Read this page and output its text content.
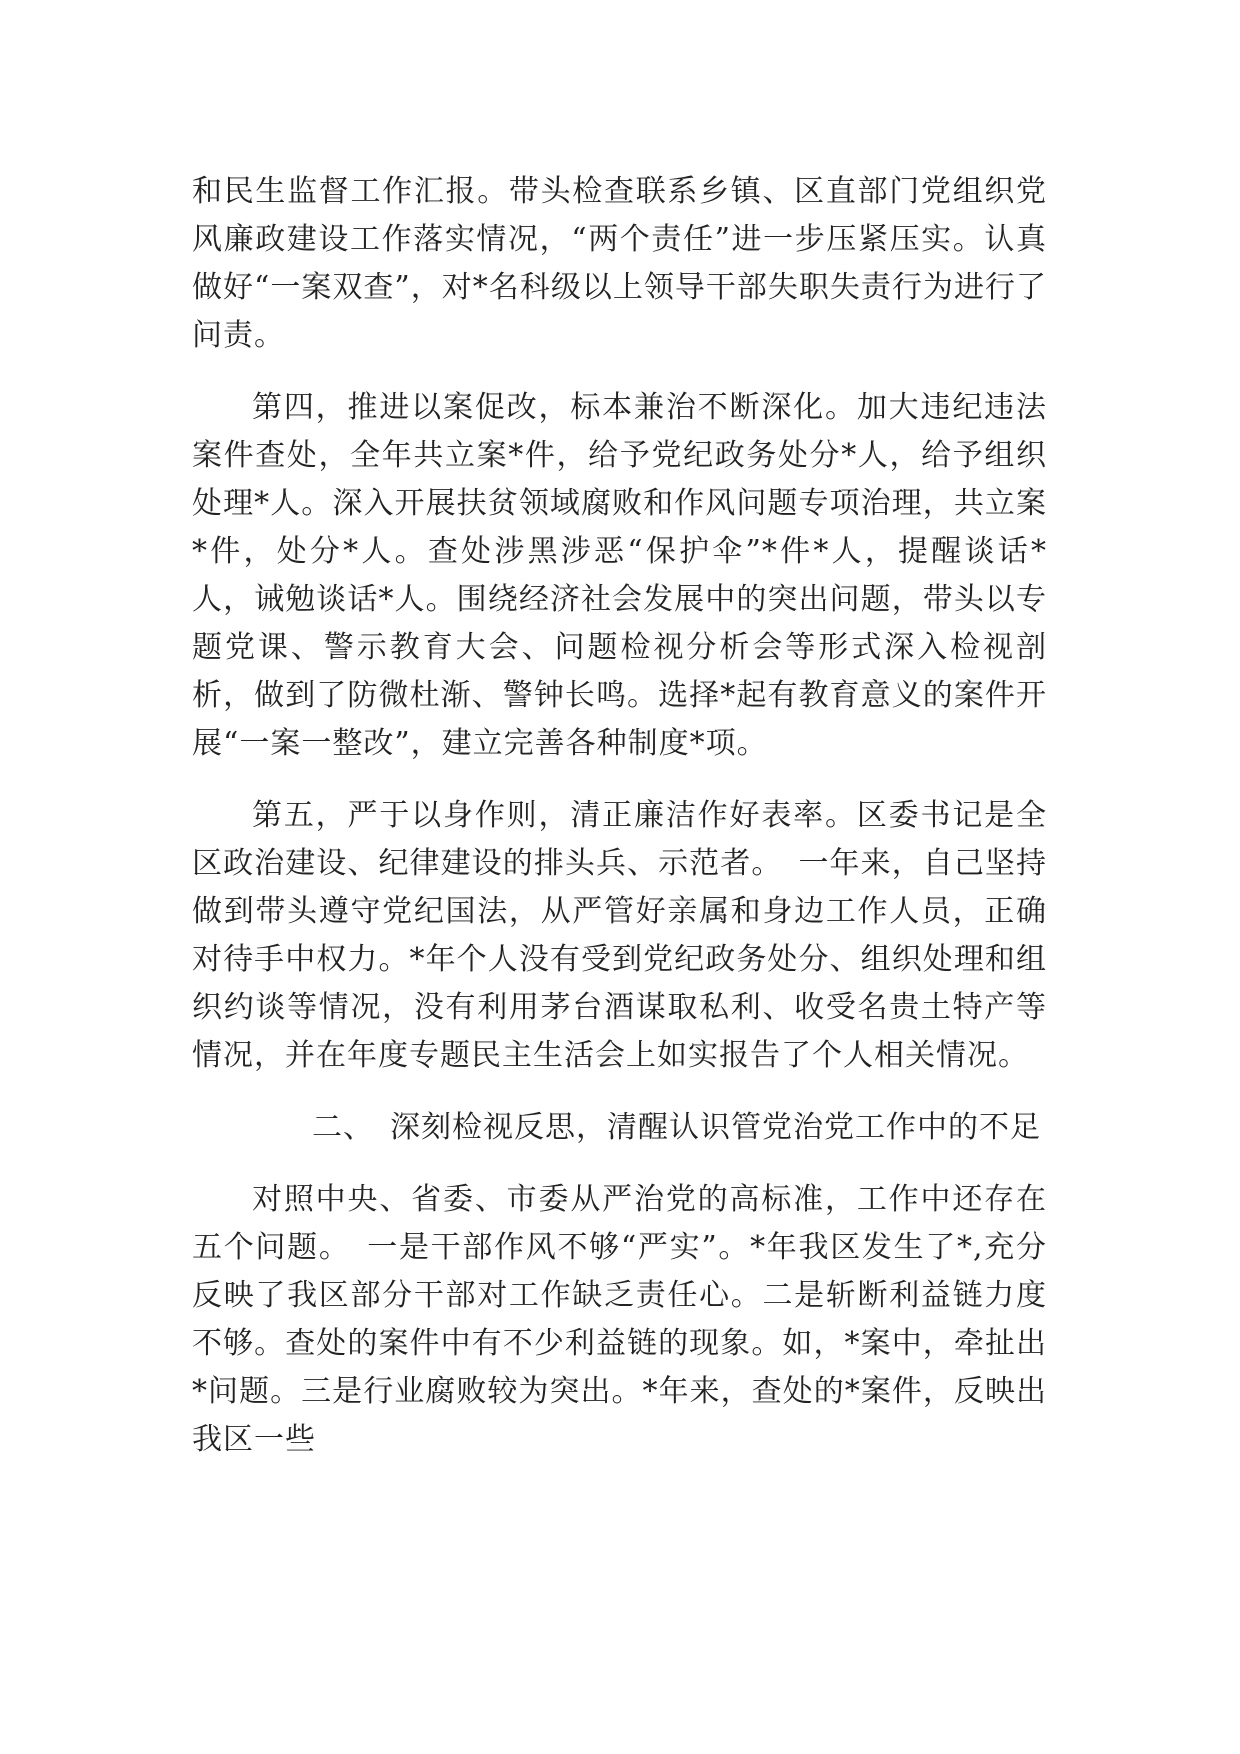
和民生监督工作汇报。带头检查联系乡镇、区直部门党组织党风廉政建设工作落实情况，“两个责任”进一步压紧压实。认真做好“一案双查”，对*名科级以上领导干部失职失责行为进行了问责。

第四，推进以案促改，标本兼治不断深化。加大违纪违法案件查处，全年共立案*件，给予党纪政务处分*人，给予组织处理*人。深入开展扶贫领域腐败和作风问题专项治理，共立案*件，处分*人。查处涉黑涉恶“保护伞”*件*人，提醒谈话*人，诫勉谈话*人。围绕经济社会发展中的突出问题，带头以专题党课、警示教育大会、问题检视分析会等形式深入检视剖析，做到了防微杜渐、警钟长鸣。选择*起有教育意义的案件开展“一案一整改”，建立完善各种制度*项。

第五，严于以身作则，清正廉洁作好表率。区委书记是全区政治建设、纪律建设的排头兵、示范者。　一年来，自己坚持做到带头遵守党纪国法，从严管好亲属和身边工作人员，正确对待手中权力。*年个人没有受到党纪政务处分、组织处理和组织约谈等情况，没有利用茅台酒谋取私利、收受名贵土特产等情况，并在年度专题民主生活会上如实报告了个人相关情况。

二、 深刻检视反思，清醒认识管党治党工作中的不足

对照中央、省委、市委从严治党的高标准，工作中还存在五个问题。　一是干部作风不够“严实”。*年我区发生了*,充分反映了我区部分干部对工作缺乏责任心。二是斩断利益链力度不够。查处的案件中有不少利益链的现象。如，*案中，牵扯出*问题。三是行业腐败较为突出。*年来，查处的*案件，反映出我区一些
